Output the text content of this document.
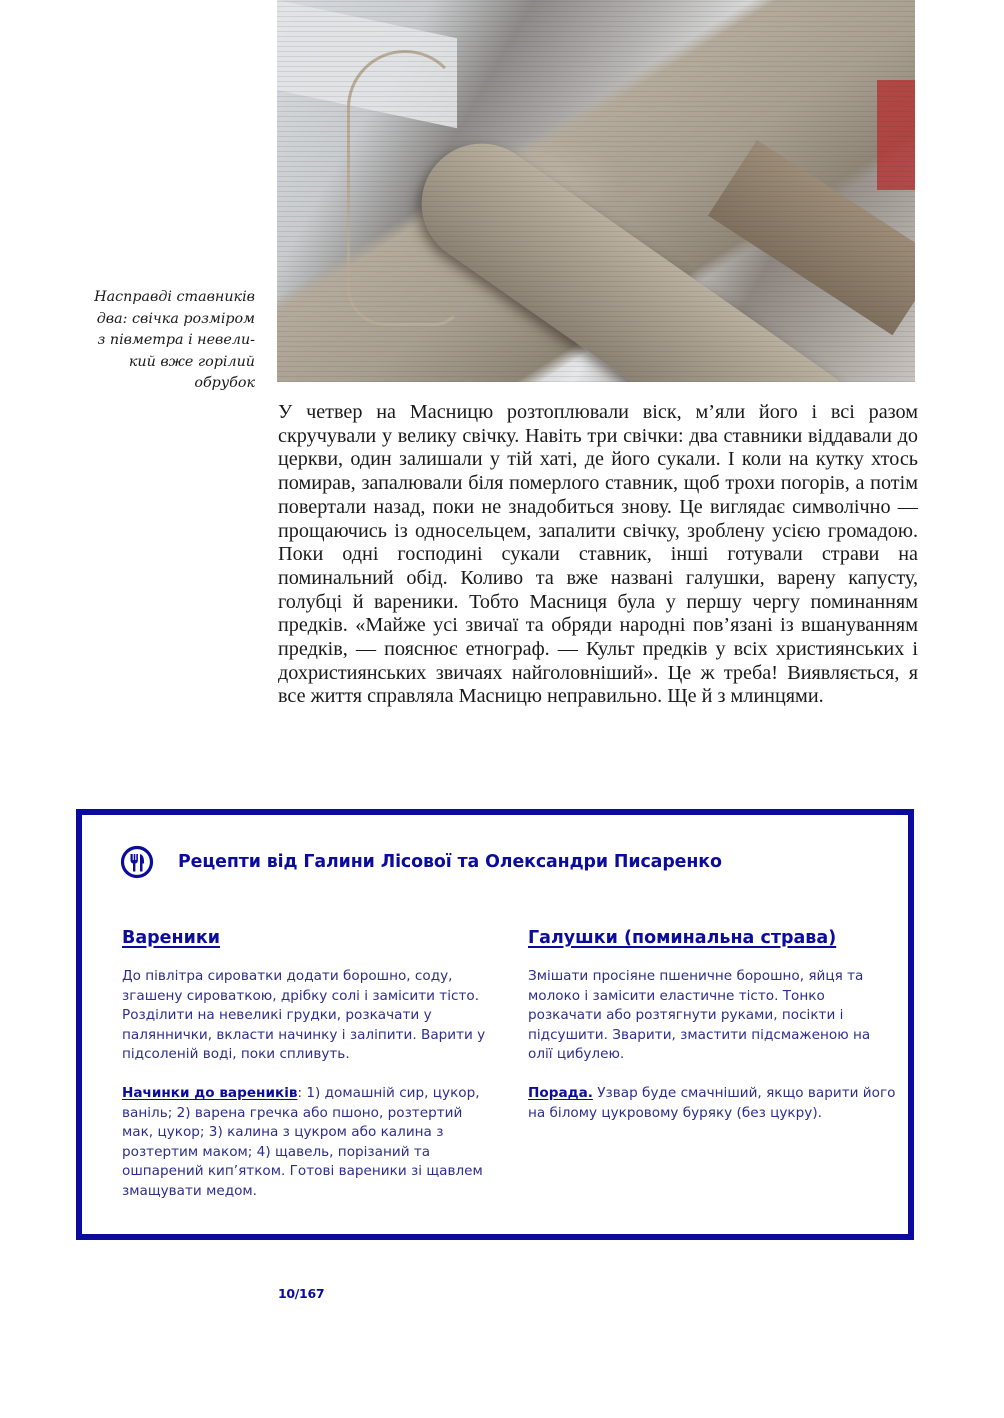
Насправді ставників
два: свічка розміром
з півметра і невели-
кий вже горілий
обрубок

У четвер на Масницю розтоплювали віск, м’яли його і всі разом скручували у велику свічку. Навіть три свічки: два ставники віддавали до церкви, один залишали у тій хаті, де його сукали. І коли на кутку хтось помирав, запалювали біля померлого ставник, щоб трохи погорів, а потім повертали назад, поки не знадобиться знову. Це виглядає символічно — прощаючись із односельцем, запалити свічку, зроблену усією громадою. Поки одні господині сукали ставник, інші готували страви на поминальний обід. Коливо та вже названі галушки, варену капусту, голубці й вареники. Тобто Масниця була у першу чергу поминанням предків. «Майже усі звичаї та обряди народні пов’язані із вшануванням предків, — пояснює етнограф. — Культ предків у всіх християнських і дохристиянських звичаях найголовніший». Це ж треба! Виявляється, я все життя справляла Масницю неправильно. Ще й з млинцями.

Рецепти від Галини Лісової та Олександри Писаренко
Вареники

До півлітра сироватки додати борошно, соду, згашену сироваткою, дрібку солі і замісити тісто. Розділити на невеликі грудки, розкачати у паляннички, вкласти начинку і заліпити. Варити у підсоленій воді, поки спливуть.

Начинки до вареників: 1) домашній сир, цукор, ваніль; 2) варена гречка або пшоно, розтертий мак, цукор; 3) калина з цукром або калина з розтертим маком; 4) щавель, порізаний та ошпарений кип’ятком. Готові вареники зі щавлем змащувати медом.

Галушки (поминальна страва)

Змішати просіяне пшеничне борошно, яйця та молоко і замісити еластичне тісто. Тонко розкачати або розтягнути руками, посікти і підсушити. Зварити, змастити підсмаженою на олії цибулею.

Порада. Узвар буде смачніший, якщо варити його на білому цукровому буряку (без цукру).

10/167
